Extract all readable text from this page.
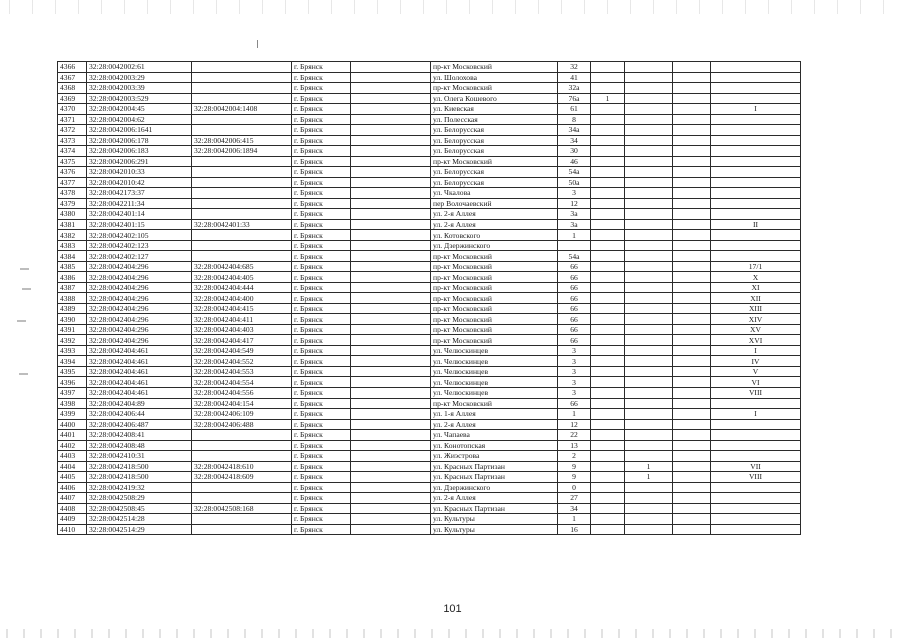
4366	32:28:0042002:61		г. Брянск		пр-кт Московский	32				
4367	32:28:0042003:29		г. Брянск		ул. Шолохова	41				
4368	32:28:0042003:39		г. Брянск		пр-кт Московский	32а				
4369	32:28:0042003:529		г. Брянск		ул. Олега Кошевого	76а	1			
4370	32:28:0042004:45	32:28:0042004:1408	г. Брянск		ул. Киевская	61				I
4371	32:28:0042004:62		г. Брянск		ул. Полесская	8				
4372	32:28:0042006:1641		г. Брянск		ул. Белорусская	34а				
4373	32:28:0042006:178	32:28:0042006:415	г. Брянск		ул. Белорусская	34				
4374	32:28:0042006:183	32:28:0042006:1894	г. Брянск		ул. Белорусская	30				
4375	32:28:0042006:291		г. Брянск		пр-кт Московский	46				
4376	32:28:0042010:33		г. Брянск		ул. Белорусская	54а				
4377	32:28:0042010:42		г. Брянск		ул. Белорусская	50а				
4378	32:28:0042173:37		г. Брянск		ул. Чкалова	3				
4379	32:28:0042211:34		г. Брянск		пер Волочаевский	12				
4380	32:28:0042401:14		г. Брянск		ул. 2-я Аллея	3а				
4381	32:28:0042401:15	32:28:0042401:33	г. Брянск		ул. 2-я Аллея	3а				II
4382	32:28:0042402:105		г. Брянск		ул. Котовского	1				
4383	32:28:0042402:123		г. Брянск		ул. Дзержинского					
4384	32:28:0042402:127		г. Брянск		пр-кт Московский	54а				
4385	32:28:0042404:296	32:28:0042404:685	г. Брянск		пр-кт Московский	66				17/1
4386	32:28:0042404:296	32:28:0042404:405	г. Брянск		пр-кт Московский	66				X
4387	32:28:0042404:296	32:28:0042404:444	г. Брянск		пр-кт Московский	66				XI
4388	32:28:0042404:296	32:28:0042404:400	г. Брянск		пр-кт Московский	66				XII
4389	32:28:0042404:296	32:28:0042404:415	г. Брянск		пр-кт Московский	66				XIII
4390	32:28:0042404:296	32:28:0042404:411	г. Брянск		пр-кт Московский	66				XIV
4391	32:28:0042404:296	32:28:0042404:403	г. Брянск		пр-кт Московский	66				XV
4392	32:28:0042404:296	32:28:0042404:417	г. Брянск		пр-кт Московский	66				XVI
4393	32:28:0042404:461	32:28:0042404:549	г. Брянск		ул. Челюскинцев	3				I
4394	32:28:0042404:461	32:28:0042404:552	г. Брянск		ул. Челюскинцев	3				IV
4395	32:28:0042404:461	32:28:0042404:553	г. Брянск		ул. Челюскинцев	3				V
4396	32:28:0042404:461	32:28:0042404:554	г. Брянск		ул. Челюскинцев	3				VI
4397	32:28:0042404:461	32:28:0042404:556	г. Брянск		ул. Челюскинцев	3				VIII
4398	32:28:0042404:89	32:28:0042404:154	г. Брянск		пр-кт Московский	66				
4399	32:28:0042406:44	32:28:0042406:109	г. Брянск		ул. 1-я Аллея	1				I
4400	32:28:0042406:487	32:28:0042406:488	г. Брянск		ул. 2-я Аллея	12				
4401	32:28:0042408:41		г. Брянск		ул. Чапаева	22				
4402	32:28:0042408:48		г. Брянск		ул. Конотопская	13				
4403	32:28:0042410:31		г. Брянск		ул. Жиэстрова	2				
4404	32:28:0042418:500	32:28:0042418:610	г. Брянск		ул. Красных Партизан	9		1		VII
4405	32:28:0042418:500	32:28:0042418:609	г. Брянск		ул. Красных Партизан	9		1		VIII
4406	32:28:0042419:32		г. Брянск		ул. Дзержинского	0				
4407	32:28:0042508:29		г. Брянск		ул. 2-я Аллея	27				
4408	32:28:0042508:45	32:28:0042508:168	г. Брянск		ул. Красных Партизан	34				
4409	32:28:0042514:28		г. Брянск		ул. Культуры	1				
4410	32:28:0042514:29		г. Брянск		ул. Культуры	16				
101
